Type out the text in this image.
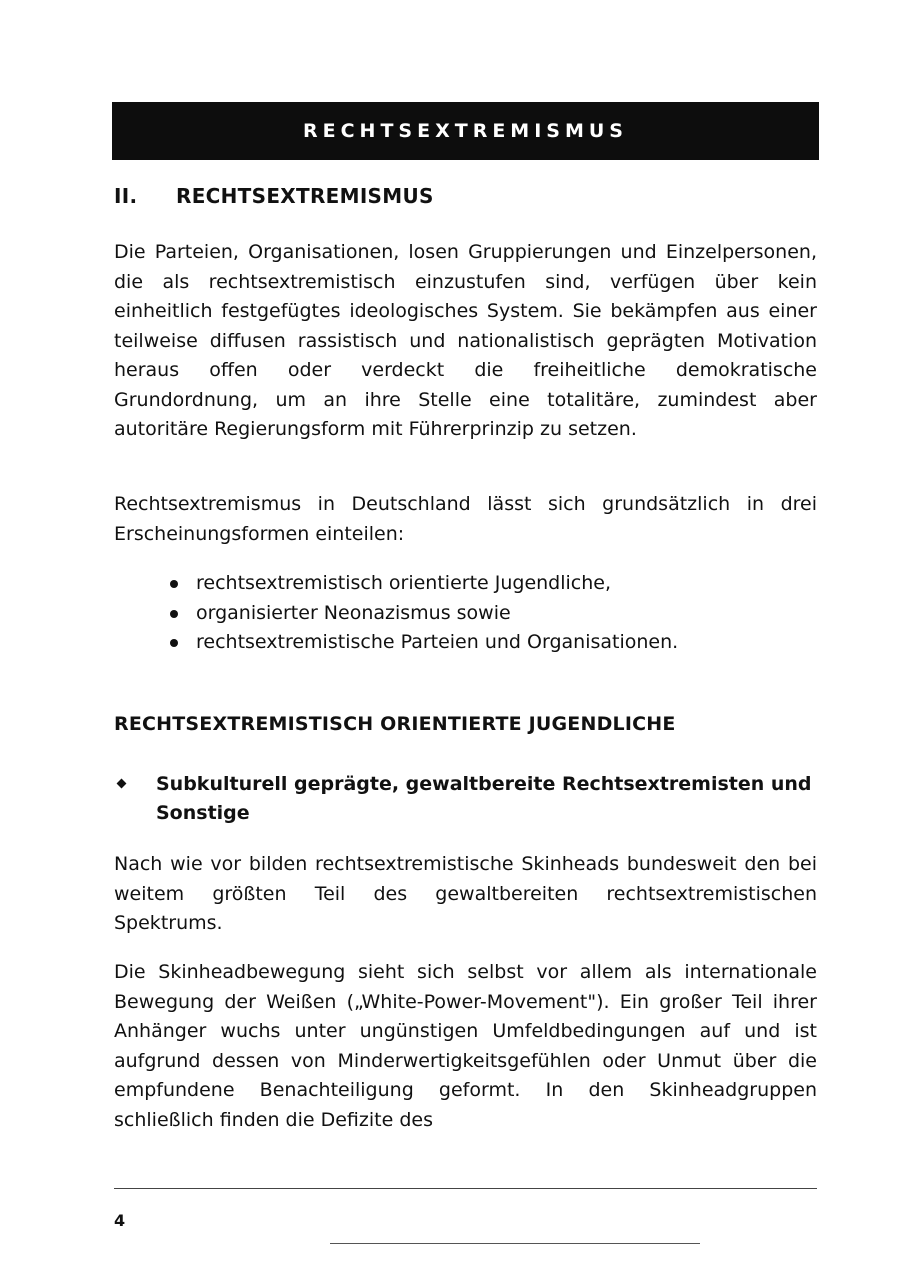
RECHTSEXTREMISMUS
II. RECHTSEXTREMISMUS

Die Parteien, Organisationen, losen Gruppierungen und Einzelpersonen, die als rechtsextremistisch einzustufen sind, verfügen über kein einheitlich festgefügtes ideologisches System. Sie bekämpfen aus einer teilweise diffusen rassistisch und nationalistisch geprägten Motivation heraus offen oder verdeckt die freiheitliche demokratische Grundordnung, um an ihre Stelle eine totalitäre, zumindest aber autoritäre Regierungsform mit Führerprinzip zu setzen.

Rechtsextremismus in Deutschland lässt sich grundsätzlich in drei Erscheinungsformen einteilen:

rechtsextremistisch orientierte Jugendliche,
organisierter Neonazismus sowie
rechtsextremistische Parteien und Organisationen.
RECHTSEXTREMISTISCH ORIENTIERTE JUGENDLICHE
Subkulturell geprägte, gewaltbereite Rechtsextremisten und Sonstige

Nach wie vor bilden rechtsextremistische Skinheads bundesweit den bei weitem größten Teil des gewaltbereiten rechtsextremistischen Spektrums.

Die Skinheadbewegung sieht sich selbst vor allem als internationale Bewegung der Weißen („White-Power-Movement"). Ein großer Teil ihrer Anhänger wuchs unter ungünstigen Umfeldbedingungen auf und ist aufgrund dessen von Minderwertigkeitsgefühlen oder Unmut über die empfundene Benachteiligung geformt. In den Skinheadgruppen schließlich finden die Defizite des

4
